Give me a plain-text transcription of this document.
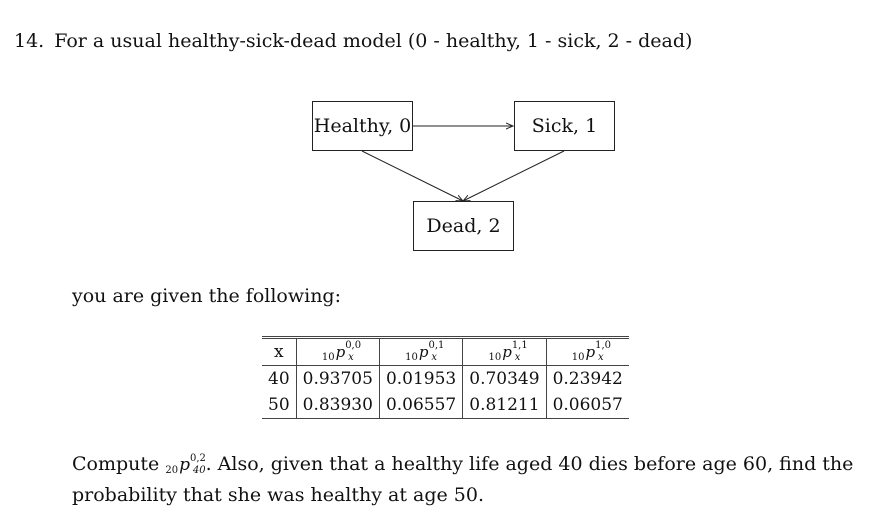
14. For a usual healthy-sick-dead model (0 - healthy, 1 - sick, 2 - dead)
Healthy, 0	Sick, 1
Dead, 2
you are given the following:
x	$_{10}p^{0,0}_x$	$_{10}p^{0,1}_x$	$_{10}p^{1,1}_x$	$_{10}p^{1,0}_x$
40	0.93705	0.01953	0.70349	0.23942
50	0.83930	0.06557	0.81211	0.06057
Compute $20p^{0,2}40$. Also, given that a healthy life aged 40 dies before age 60, find the
probability that she was healthy at age 50.
